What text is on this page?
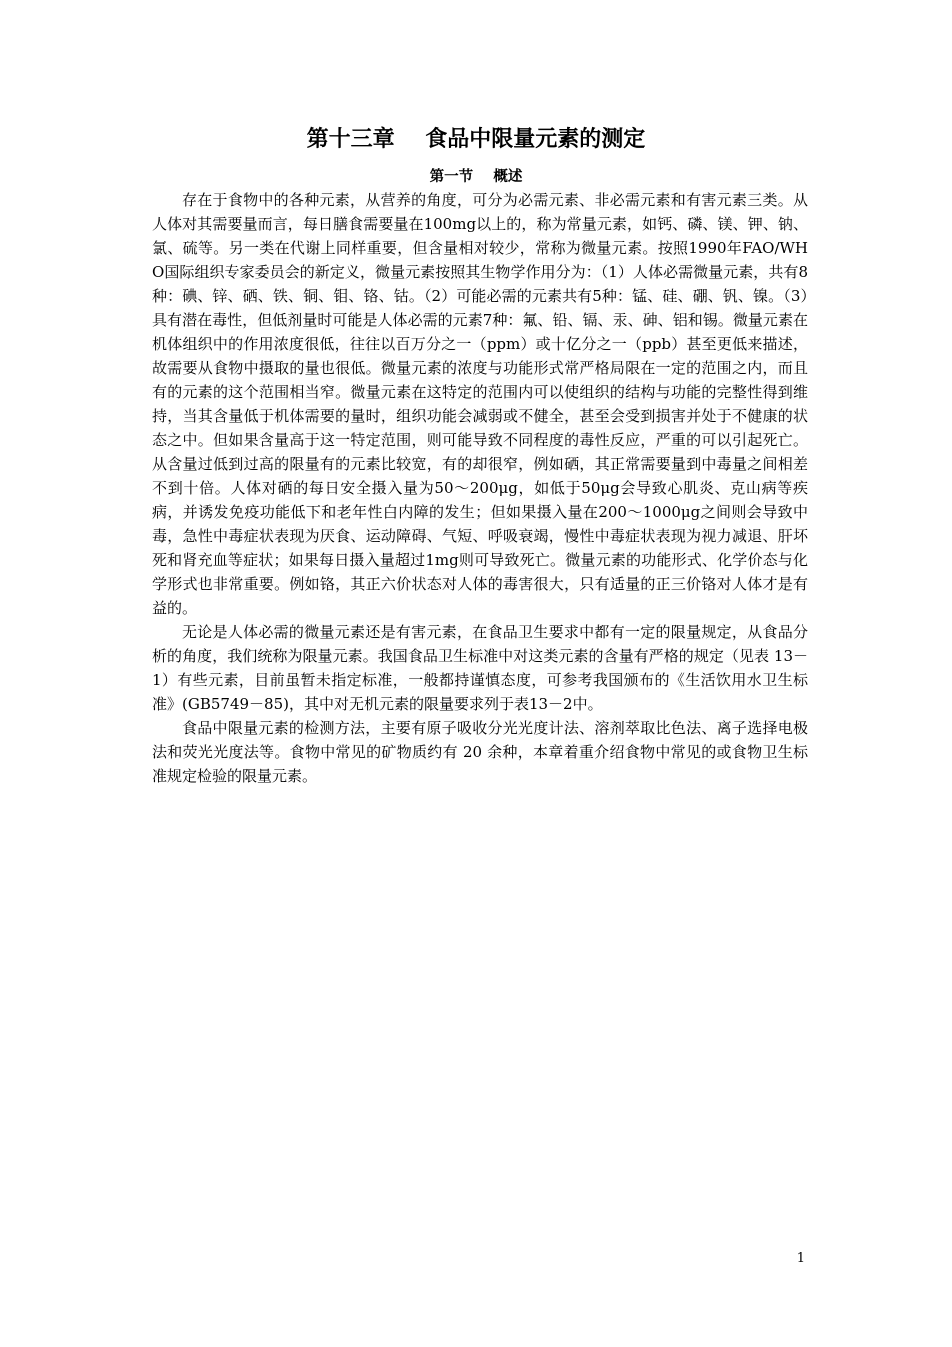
第十三章    食品中限量元素的测定
第一节    概述

存在于食物中的各种元素，从营养的角度，可分为必需元素、非必需元素和有害元素三类。从人体对其需要量而言，每日膳食需要量在100mg以上的，称为常量元素，如钙、磷、镁、钾、钠、氯、硫等。另一类在代谢上同样重要，但含量相对较少，常称为微量元素。按照1990年FAO/WHO国际组织专家委员会的新定义，微量元素按照其生物学作用分为：（1）人体必需微量元素，共有8种：碘、锌、硒、铁、铜、钼、铬、钴。（2）可能必需的元素共有5种：锰、硅、硼、钒、镍。（3）具有潜在毒性，但低剂量时可能是人体必需的元素7种：氟、铅、镉、汞、砷、铝和锡。微量元素在机体组织中的作用浓度很低，往往以百万分之一（ppm）或十亿分之一（ppb）甚至更低来描述，故需要从食物中摄取的量也很低。微量元素的浓度与功能形式常严格局限在一定的范围之内，而且有的元素的这个范围相当窄。微量元素在这特定的范围内可以使组织的结构与功能的完整性得到维持，当其含量低于机体需要的量时，组织功能会减弱或不健全，甚至会受到损害并处于不健康的状态之中。但如果含量高于这一特定范围，则可能导致不同程度的毒性反应，严重的可以引起死亡。从含量过低到过高的限量有的元素比较宽，有的却很窄，例如硒，其正常需要量到中毒量之间相差不到十倍。人体对硒的每日安全摄入量为50～200μg，如低于50μg会导致心肌炎、克山病等疾病，并诱发免疫功能低下和老年性白内障的发生；但如果摄入量在200～1000μg之间则会导致中毒，急性中毒症状表现为厌食、运动障碍、气短、呼吸衰竭，慢性中毒症状表现为视力减退、肝坏死和肾充血等症状；如果每日摄入量超过1mg则可导致死亡。微量元素的功能形式、化学价态与化学形式也非常重要。例如铬，其正六价状态对人体的毒害很大，只有适量的正三价铬对人体才是有益的。

无论是人体必需的微量元素还是有害元素，在食品卫生要求中都有一定的限量规定，从食品分析的角度，我们统称为限量元素。我国食品卫生标准中对这类元素的含量有严格的规定（见表 13－1）有些元素，目前虽暂未指定标准，一般都持谨慎态度，可参考我国颁布的《生活饮用水卫生标准》(GB5749－85)，其中对无机元素的限量要求列于表13－2中。

食品中限量元素的检测方法，主要有原子吸收分光光度计法、溶剂萃取比色法、离子选择电极法和荧光光度法等。食物中常见的矿物质约有 20 余种，本章着重介绍食物中常见的或食物卫生标准规定检验的限量元素。

1
